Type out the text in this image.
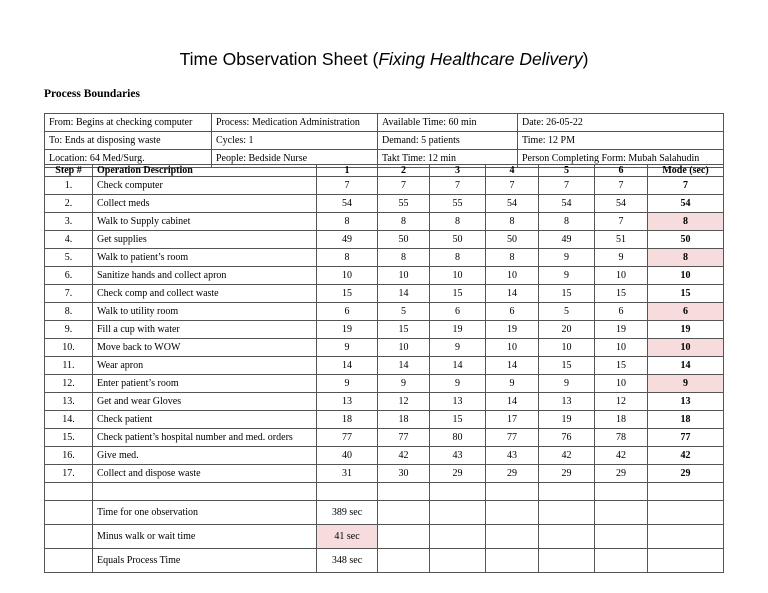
Time Observation Sheet (Fixing Healthcare Delivery)
Process Boundaries
From: Begins at checking computer	Process: Medication Administration	Available Time: 60 min	Date: 26-05-22
To: Ends at disposing waste	Cycles: 1	Demand: 5 patients	Time: 12 PM
Location: 64 Med/Surg.	People: Bedside Nurse	Takt Time: 12 min	Person Completing Form: Mubah Salahudin
Step #	Operation Description	1	2	3	4	5	6	Mode (sec)
1.	Check computer	7	7	7	7	7	7	7
2.	Collect meds	54	55	55	54	54	54	54
3.	Walk to Supply cabinet	8	8	8	8	8	7	8
4.	Get supplies	49	50	50	50	49	51	50
5.	Walk to patient’s room	8	8	8	8	9	9	8
6.	Sanitize hands and collect apron	10	10	10	10	9	10	10
7.	Check comp and collect waste	15	14	15	14	15	15	15
8.	Walk to utility room	6	5	6	6	5	6	6
9.	Fill a cup with water	19	15	19	19	20	19	19
10.	Move back to WOW	9	10	9	10	10	10	10
11.	Wear apron	14	14	14	14	15	15	14
12.	Enter patient’s room	9	9	9	9	9	10	9
13.	Get and wear Gloves	13	12	13	14	13	12	13
14.	Check patient	18	18	15	17	19	18	18
15.	Check patient’s hospital number and med. orders	77	77	80	77	76	78	77
16.	Give med.	40	42	43	43	42	42	42
17.	Collect and dispose waste	31	30	29	29	29	29	29

	Time for one observation	389 sec						
	Minus walk or wait time	41 sec						
	Equals Process Time	348 sec						
